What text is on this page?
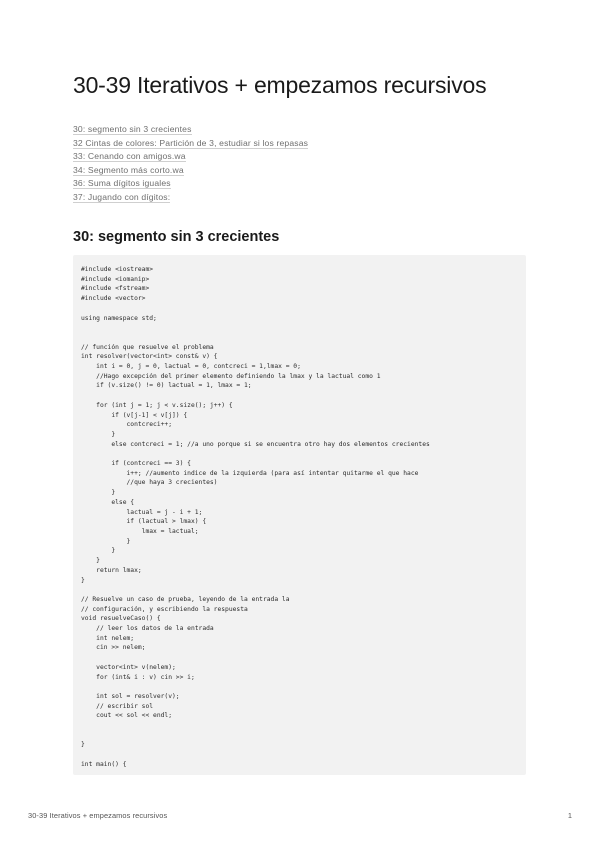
30-39 Iterativos + empezamos recursivos
30: segmento sin 3 crecientes
32 Cintas de colores: Partición de 3, estudiar si los repasas
33: Cenando con amigos.wa
34: Segmento más corto.wa
36: Suma dígitos iguales
37: Jugando con dígitos:
30: segmento sin 3 crecientes
#include <iostream>
#include <iomanip>
#include <fstream>
#include <vector>

using namespace std;

// función que resuelve el problema
int resolver(vector<int> const& v) {
int i = 0, j = 0, lactual = 0, contcreci = 1,lmax = 0;
//Hago excepción del primer elemento definiendo la lmax y la lactual como 1
if (v.size() != 0) lactual = 1, lmax = 1;

for (int j = 1; j < v.size(); j++) {
if (v[j-1] < v[j]) {
contcreci++;
}
else contcreci = 1; //a uno porque si se encuentra otro hay dos elementos crecientes

if (contcreci == 3) {
i++; //aumento indice de la izquierda (para así intentar quitarme el que hace
//que haya 3 crecientes)
}
else {
lactual = j - i + 1;
if (lactual > lmax) {
lmax = lactual;
}
}
}
return lmax;
}

// Resuelve un caso de prueba, leyendo de la entrada la
// configuración, y escribiendo la respuesta
void resuelveCaso() {
// leer los datos de la entrada
int nelem;
cin >> nelem;

vector<int> v(nelem);
for (int& i : v) cin >> i;

int sol = resolver(v);
// escribir sol
cout << sol << endl;

}

int main() {
30-39 Iterativos + empezamos recursivos	1
